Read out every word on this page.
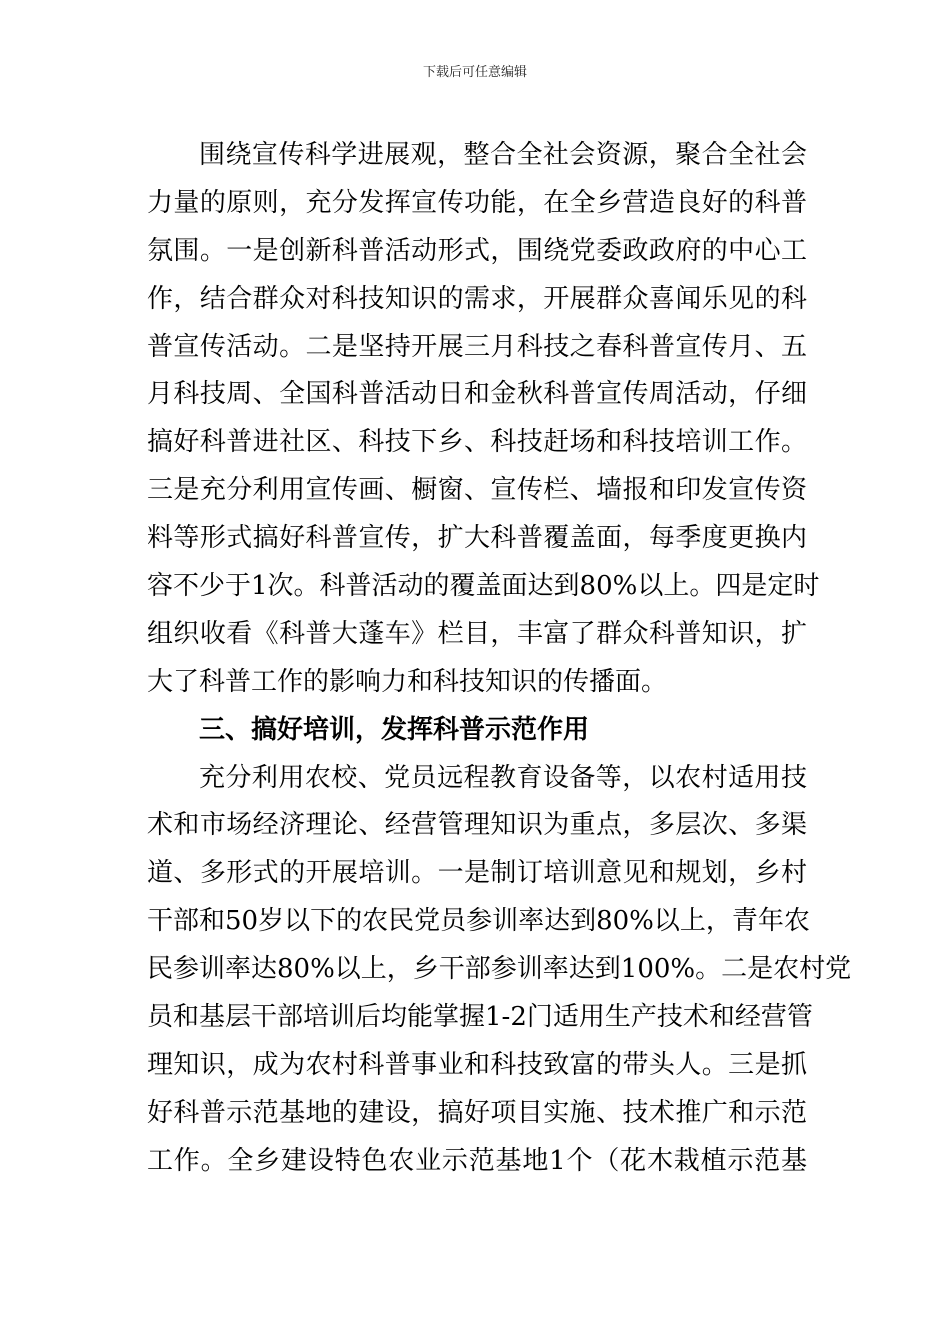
下载后可任意编辑
围绕宣传科学进展观，整合全社会资源，聚合全社会
力量的原则，充分发挥宣传功能，在全乡营造良好的科普
氛围。一是创新科普活动形式，围绕党委政政府的中心工
作，结合群众对科技知识的需求，开展群众喜闻乐见的科
普宣传活动。二是坚持开展三月科技之春科普宣传月、五
月科技周、全国科普活动日和金秋科普宣传周活动，仔细
搞好科普进社区、科技下乡、科技赶场和科技培训工作。
三是充分利用宣传画、橱窗、宣传栏、墙报和印发宣传资
料等形式搞好科普宣传，扩大科普覆盖面，每季度更换内
容不少于1次。科普活动的覆盖面达到80%以上。四是定时
组织收看《科普大蓬车》栏目，丰富了群众科普知识，扩
大了科普工作的影响力和科技知识的传播面。
三、搞好培训，发挥科普示范作用
充分利用农校、党员远程教育设备等，以农村适用技
术和市场经济理论、经营管理知识为重点，多层次、多渠
道、多形式的开展培训。一是制订培训意见和规划，乡村
干部和50岁以下的农民党员参训率达到80%以上，青年农
民参训率达80%以上，乡干部参训率达到100%。二是农村党
员和基层干部培训后均能掌握1-2门适用生产技术和经营管
理知识，成为农村科普事业和科技致富的带头人。三是抓
好科普示范基地的建设，搞好项目实施、技术推广和示范
工作。全乡建设特色农业示范基地1个（花木栽植示范基
